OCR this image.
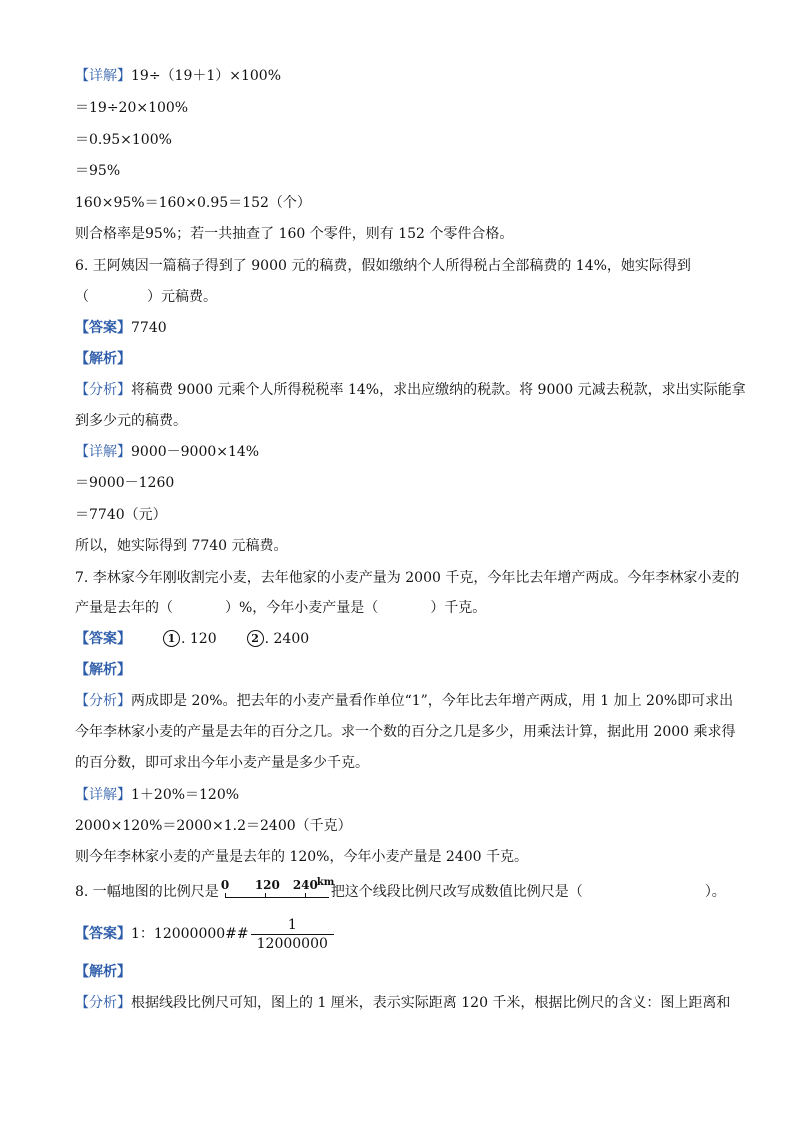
【详解】19÷（19＋1）×100%
＝19÷20×100%
＝0.95×100%
＝95%
160×95%＝160×0.95＝152（个）
则合格率是95%；若一共抽查了 160 个零件，则有 152 个零件合格。
6. 王阿姨因一篇稿子得到了 9000 元的稿费，假如缴纳个人所得税占全部稿费的 14%，她实际得到
（	）元稿费。
【答案】7740
【解析】
【分析】将稿费 9000 元乘个人所得税税率 14%，求出应缴纳的税款。将 9000 元减去税款，求出实际能拿
到多少元的稿费。
【详解】9000－9000×14%
＝9000－1260
＝7740（元）
所以，她实际得到 7740 元稿费。
7. 李林家今年刚收割完小麦，去年他家的小麦产量为 2000 千克，今年比去年增产两成。今年李林家小麦的
产量是去年的（	）%，今年小麦产量是（	）千克。
【答案】	1 . 120	2 . 2400
【解析】
【分析】两成即是 20%。把去年的小麦产量看作单位“1”，今年比去年增产两成，用 1 加上 20%即可求出
今年李林家小麦的产量是去年的百分之几。求一个数的百分之几是多少，用乘法计算，据此用 2000 乘求得
的百分数，即可求出今年小麦产量是多少千克。
【详解】1＋20%＝120%
2000×120%＝2000×1.2＝2400（千克）
则今年李林家小麦的产量是去年的 120%，今年小麦产量是 2400 千克。
8. 一幅地图的比例尺是 0 120 240
km
把这个线段比例尺改写成数值比例尺是（	）。
【答案】1：12000000## $\frac{1}{12000000}$
【解析】
【分析】根据线段比例尺可知，图上的 1 厘米，表示实际距离 120 千米，根据比例尺的含义：图上距离和
